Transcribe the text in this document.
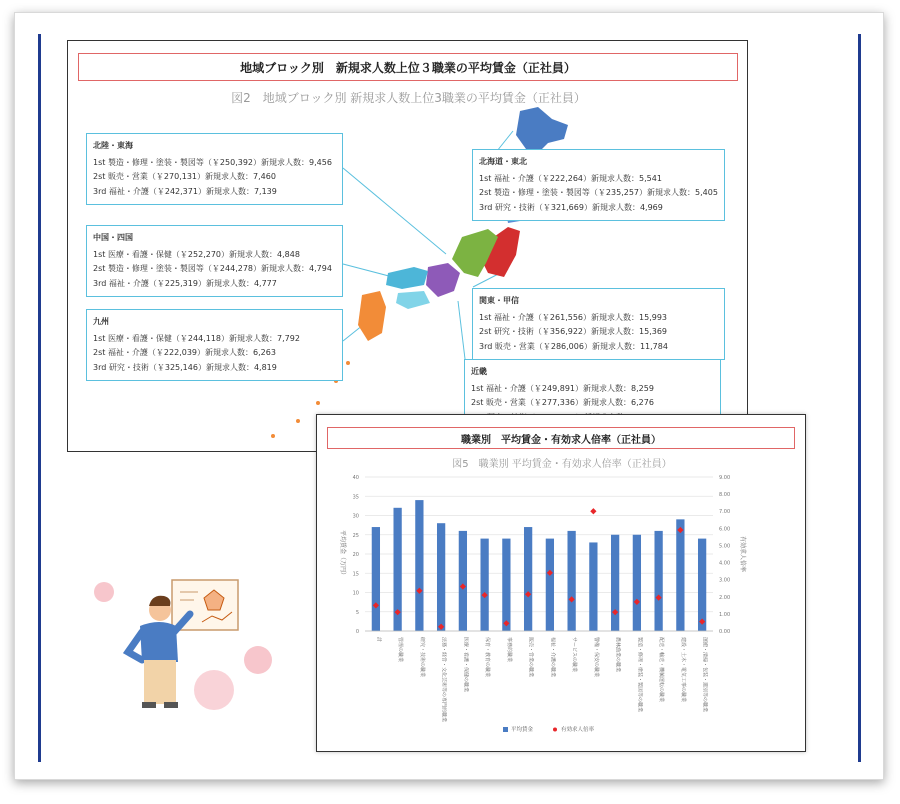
地域ブロック別　新規求人数上位３職業の平均賃金（正社員）
図2　地域ブロック別 新規求人数上位3職業の平均賃金（正社員）
北陸・東海
1st 製造・修理・塗装・製図等（￥250,392）新規求人数：9,456
2st 販売・営業（￥270,131）新規求人数：7,460
3rd 福祉・介護（￥242,371）新規求人数：7,139
北海道・東北
1st 福祉・介護（￥222,264）新規求人数：5,541
2st 製造・修理・塗装・製図等（￥235,257）新規求人数：5,405
3rd 研究・技術（￥321,669）新規求人数：4,969
中国・四国
1st 医療・看護・保健（￥252,270）新規求人数：4,848
2st 製造・修理・塗装・製図等（￥244,278）新規求人数：4,794
3rd 福祉・介護（￥225,319）新規求人数：4,777
関東・甲信
1st 福祉・介護（￥261,556）新規求人数：15,993
2st 研究・技術（￥356,922）新規求人数：15,369
3rd 販売・営業（￥286,006）新規求人数：11,784
九州
1st 医療・看護・保健（￥244,118）新規求人数：7,792
2st 福祉・介護（￥222,039）新規求人数：6,263
3rd 研究・技術（￥325,146）新規求人数：4,819	近畿
1st 福祉・介護（￥249,891）新規求人数：8,259
2st 販売・営業（￥277,336）新規求人数：6,276
職業別　平均賃金・有効求人倍率（正社員）
図5　職業別 平均賃金・有効求人倍率（正社員）
0
5
10
15
20
25
30
35
40
0.00
1.00
2.00
3.00
4.00
5.00
6.00
7.00
8.00
9.00
平均賃金（万円）	有効求人倍率
計	管理の職業	研究・技術の職業	法務・経営・文化芸術等の専門的職業	医療・看護・保健の職業	保育・教育の職業	事務的職業	販売・営業の職業	福祉・介護の職業	サービスの職業	警備・保安の職業	農林漁業の職業	製造・修理・塗装・製図等の職業	配送・輸送・機械運転の職業	建設・土木・電気工事の職業	運搬・清掃・包装・選別等の職業
平均賃金	有効求人倍率
